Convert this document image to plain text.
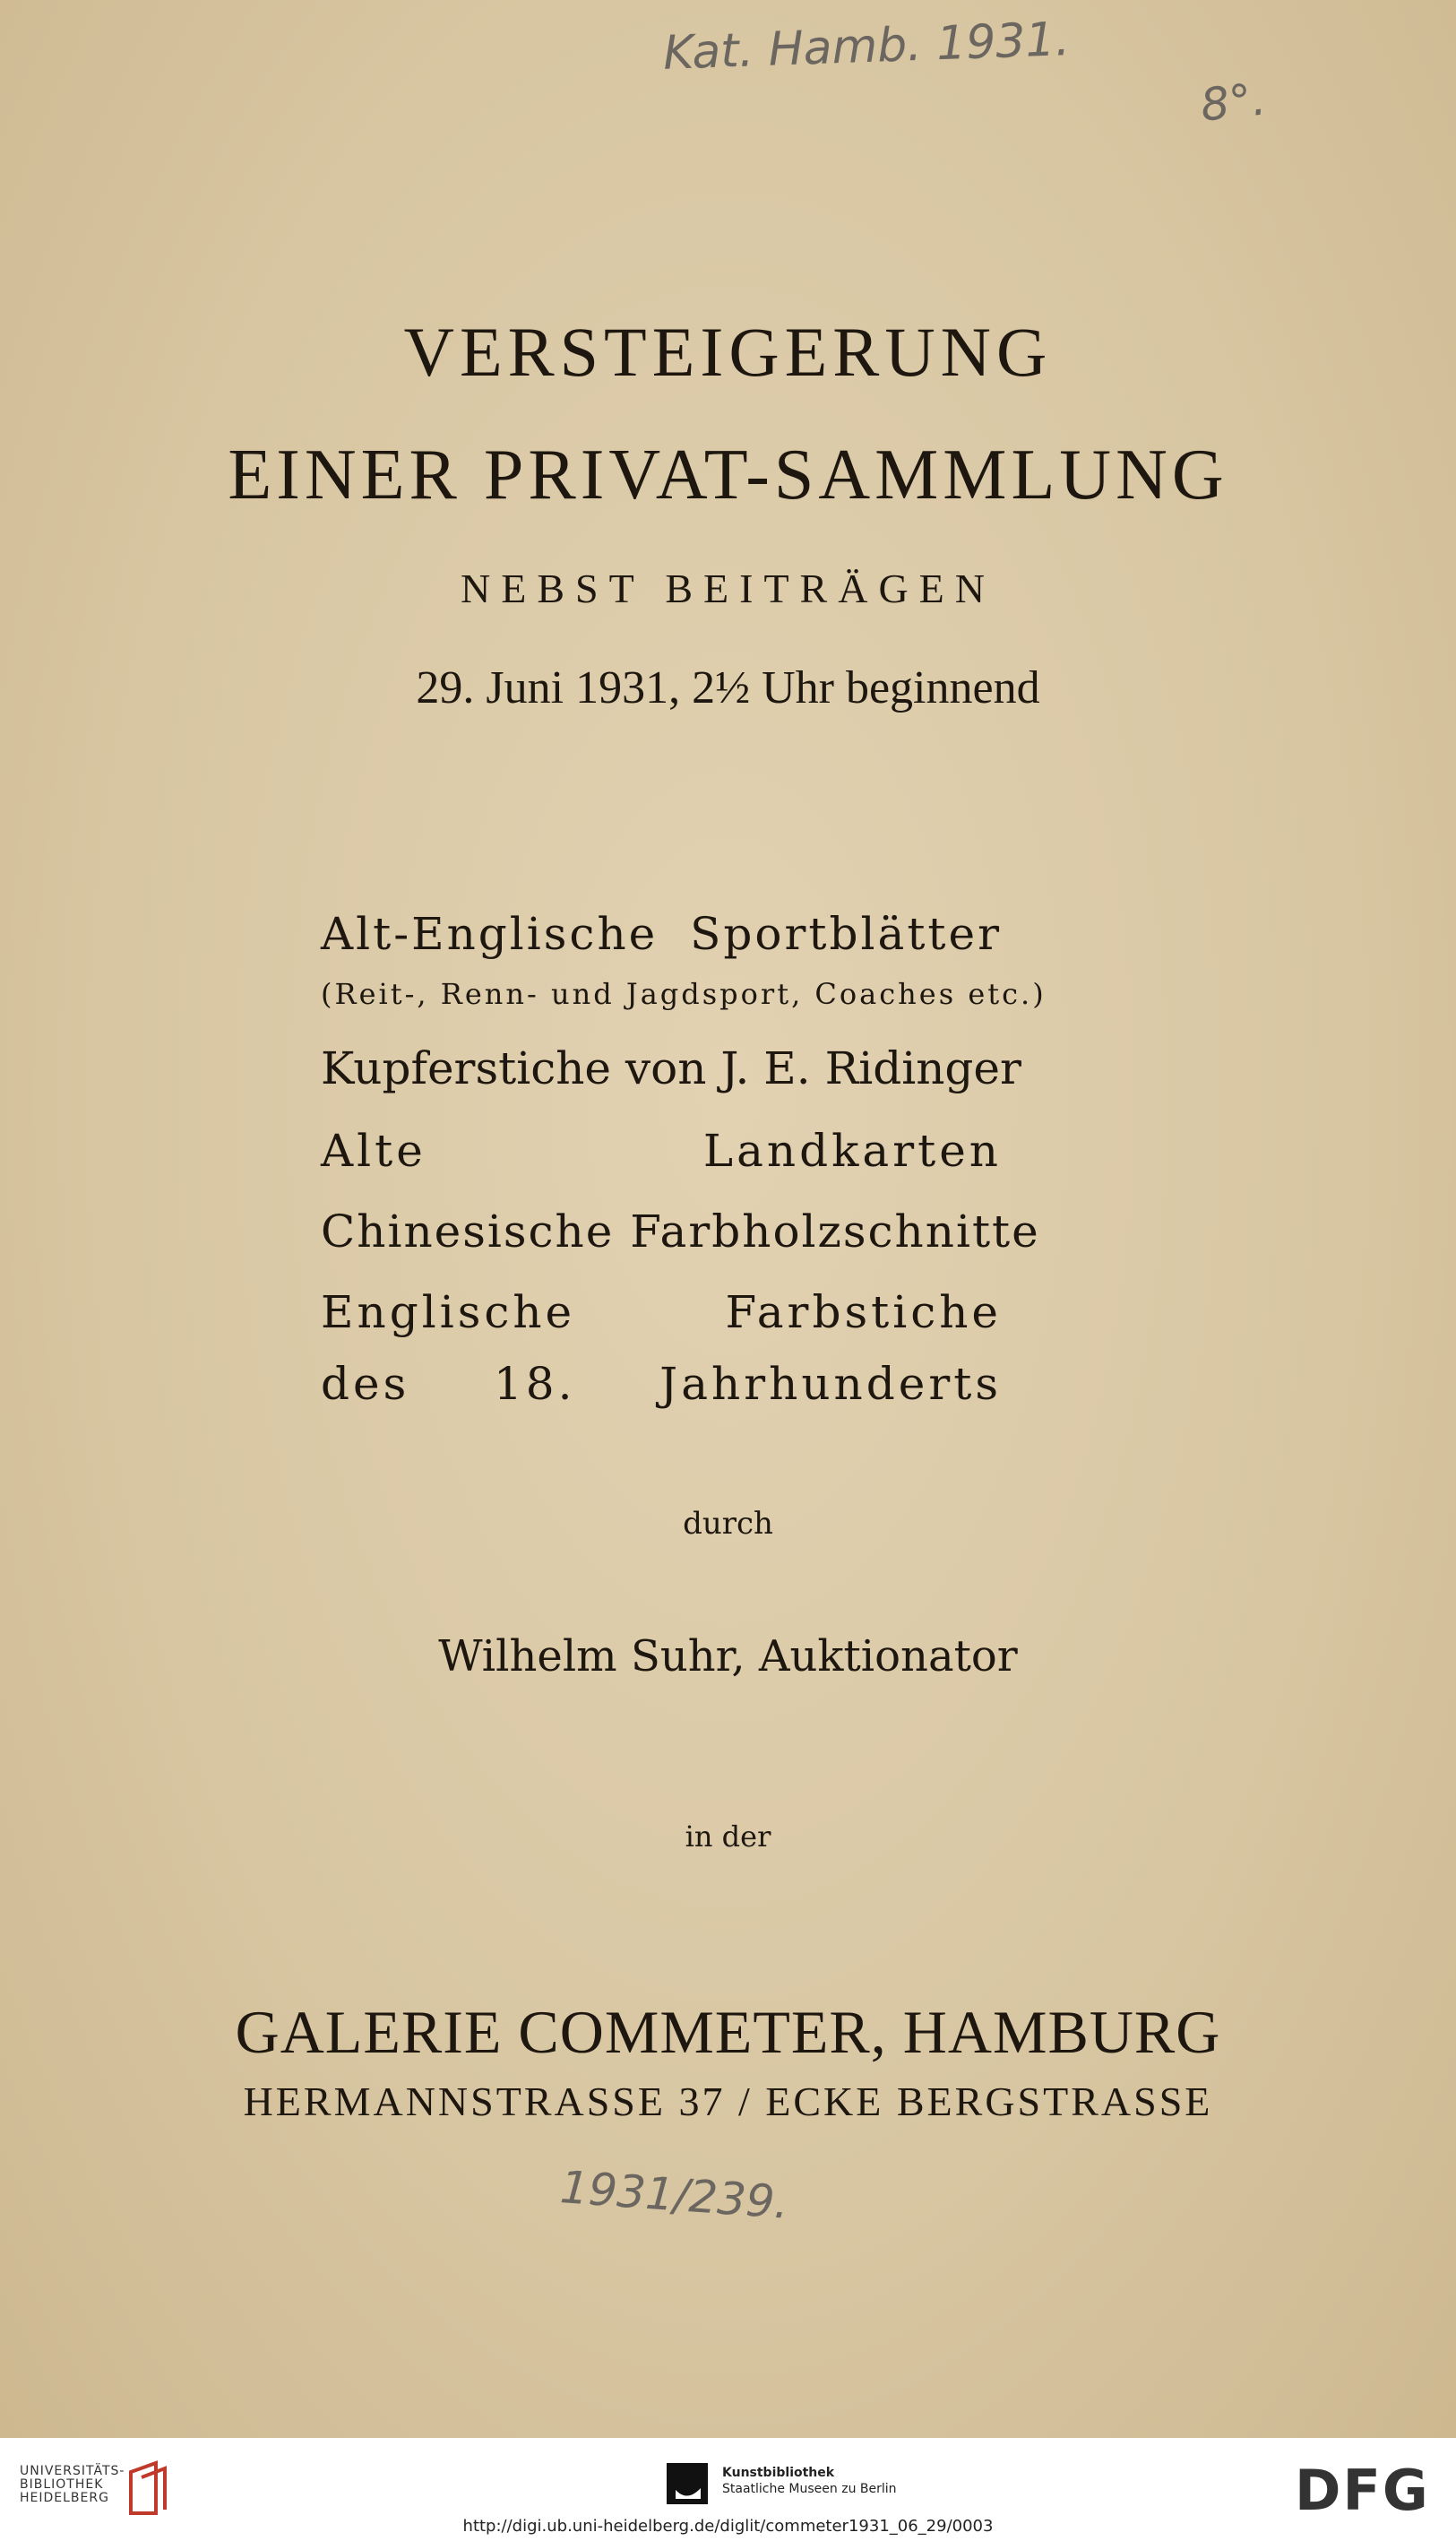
Kat. Hamb. 1931.
8°.
VERSTEIGERUNG
EINER PRIVAT-SAMMLUNG
NEBST BEITRÄGEN
29. Juni 1931, 2½ Uhr beginnend
Alt-Englische Sportblätter
(Reit-, Renn- und Jagdsport, Coaches etc.)
Kupferstiche von J. E. Ridinger
Alte Landkarten
Chinesische Farbholzschnitte
Englische Farbstiche
des 18. Jahrhunderts
durch
Wilhelm Suhr, Auktionator
in der
GALERIE COMMETER, HAMBURG
HERMANNSTRASSE 37 / ECKE BERGSTRASSE
1931/239.
UNIVERSITÄTS-
BIBLIOTHEK
HEIDELBERG
Kunstbibliothek
Staatliche Museen zu Berlin	DFG
http://digi.ub.uni-heidelberg.de/diglit/commeter1931_06_29/0003
